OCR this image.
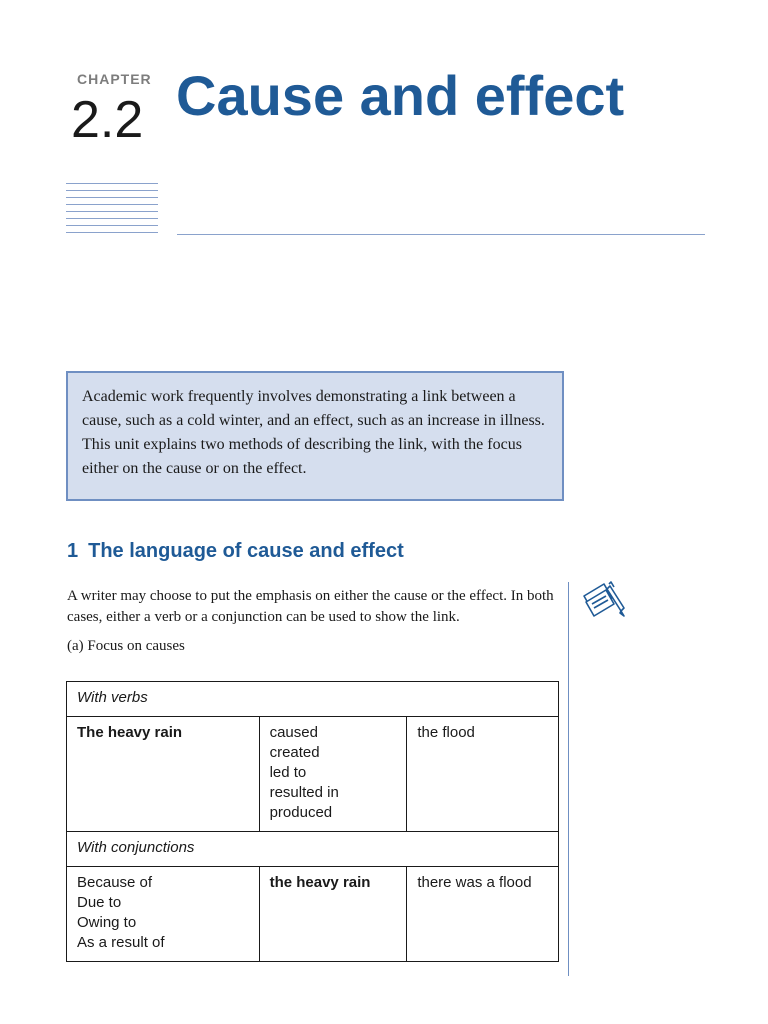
CHAPTER
2.2 Cause and effect
Academic work frequently involves demonstrating a link between a cause, such as a cold winter, and an effect, such as an increase in illness. This unit explains two methods of describing the link, with the focus either on the cause or on the effect.
1 The language of cause and effect
A writer may choose to put the emphasis on either the cause or the effect. In both cases, either a verb or a conjunction can be used to show the link.
(a) Focus on causes
With verbs		
The heavy rain	caused
created
led to
resulted in
produced	the flood
With conjunctions		

Because of
Due to
Owing to
As a result of	the heavy rain	there was a flood
